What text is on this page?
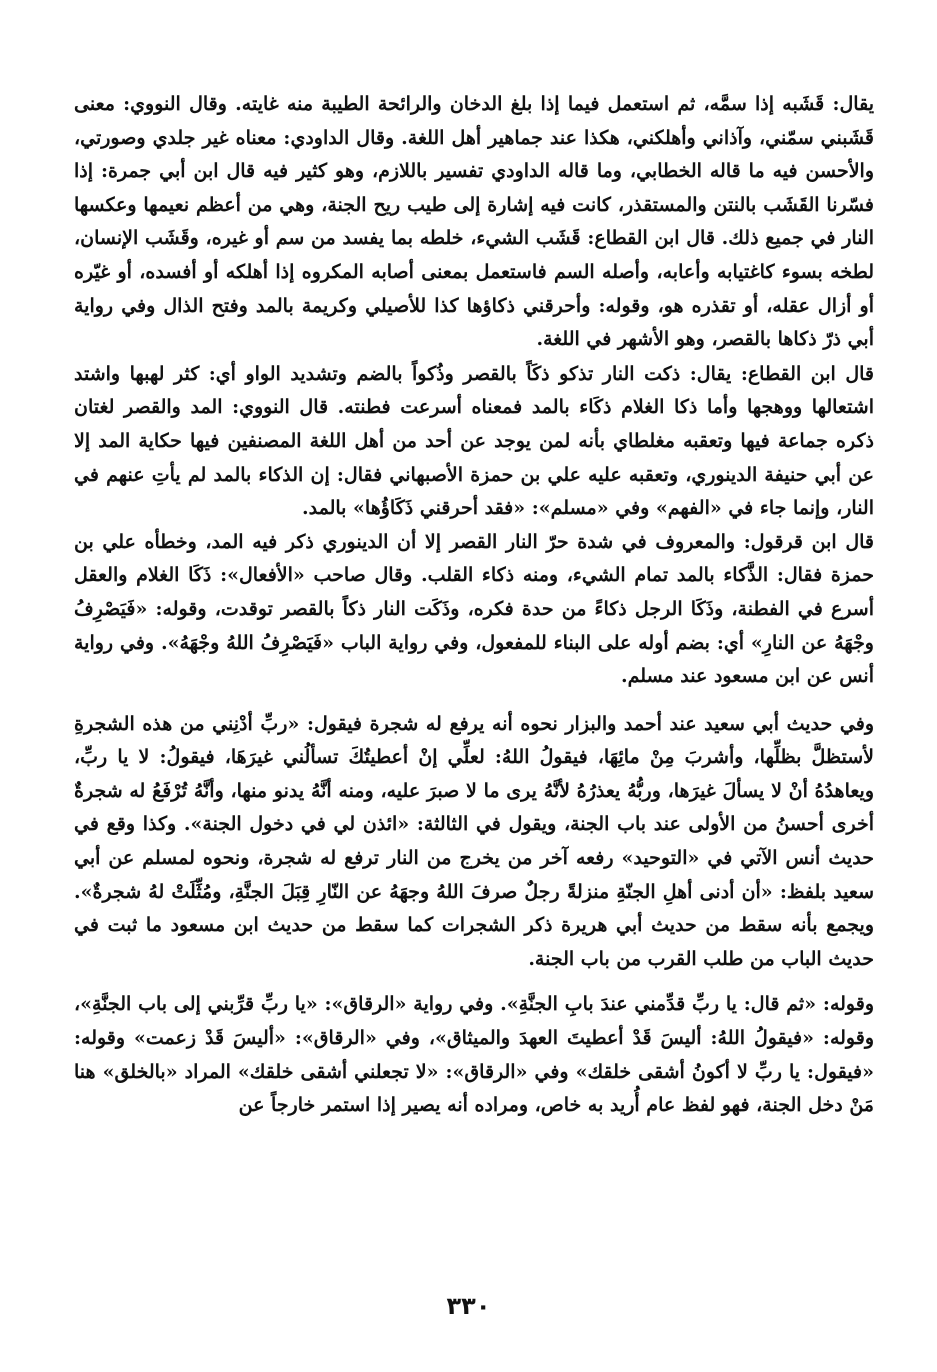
يقال: قَشَبه إذا سمَّه، ثم استعمل فيما إذا بلغ الدخان والرائحة الطيبة منه غايته. وقال النووي: معنى قَشَبني سمّني، وآذاني وأهلكني، هكذا عند جماهير أهل اللغة. وقال الداودي: معناه غير جلدي وصورتي، والأحسن فيه ما قاله الخطابي، وما قاله الداودي تفسير باللازم، وهو كثير فيه قال ابن أبي جمرة: إذا فسّرنا القَشَب بالنتن والمستقذر، كانت فيه إشارة إلى طيب ريح الجنة، وهي من أعظم نعيمها وعكسها النار في جميع ذلك. قال ابن القطاع: قَشَب الشيء، خلطه بما يفسد من سم أو غيره، وقَشَب الإنسان، لطخه بسوء كاغتيابه وأعابه، وأصله السم فاستعمل بمعنى أصابه المكروه إذا أهلكه أو أفسده، أو غيّره أو أزال عقله، أو تقذره هو، وقوله: وأحرقني ذكاؤها كذا للأصيلي وكريمة بالمد وفتح الذال وفي رواية أبي ذرّ ذكاها بالقصر، وهو الأشهر في اللغة.

قال ابن القطاع: يقال: ذكت النار تذكو ذكَاً بالقصر وذُكواً بالضم وتشديد الواو أي: كثر لهبها واشتد اشتعالها ووهجها وأما ذكا الغلام ذكَاء بالمد فمعناه أسرعت فطنته. قال النووي: المد والقصر لغتان ذكره جماعة فيها وتعقبه مغلطاي بأنه لمن يوجد عن أحد من أهل اللغة المصنفين فيها حكاية المد إلا عن أبي حنيفة الدينوري، وتعقبه عليه علي بن حمزة الأصبهاني فقال: إن الذكاء بالمد لم يأتِ عنهم في النار، وإنما جاء في «الفهم» وفي «مسلم»: «فقد أحرقني ذَكَاؤُها» بالمد.

قال ابن قرقول: والمعروف في شدة حرّ النار القصر إلا أن الدينوري ذكر فيه المد، وخطأه علي بن حمزة فقال: الذَّكاء بالمد تمام الشيء، ومنه ذكاء القلب. وقال صاحب «الأفعال»: ذَكَا الغلام والعقل أسرع في الفطنة، وذَكَا الرجل ذكاءً من حدة فكره، وذَكَت النار ذكاً بالقصر توقدت، وقوله: «فَيَصْرِفُ وجْهَهُ عن النارِ» أي: بضم أوله على البناء للمفعول، وفي رواية الباب «فَيَصْرِفُ اللهُ وجْهَهُ». وفي رواية أنس عن ابن مسعود عند مسلم.

وفي حديث أبي سعيد عند أحمد والبزار نحوه أنه يرفع له شجرة فيقول: «ربِّ أدْنِني من هذه الشجرةِ لأستظلَّ بظلِّها، وأشربَ مِنْ مائِهَا، فيقولُ اللهُ: لعلِّي إنْ أعطيتُكَ تسألُني غيرَهَا، فيقولُ: لا يا ربِّ، ويعاهدُهُ أنْ لا يسألَ غيرَها، وربُّهُ يعذرُهُ لأنَّهُ يرى ما لا صبرَ عليه، ومنه أنَّهُ يدنو منها، وأنَّهُ تُرْفَعُ له شجرةٌ أخرى أحسنُ من الأولى عند باب الجنة، ويقول في الثالثة: «ائذن لي في دخول الجنة». وكذا وقع في حديث أنس الآتي في «التوحيد» رفعه آخر من يخرج من النار ترفع له شجرة، ونحوه لمسلم عن أبي سعيد بلفظ: «أن أدنى أهلِ الجنّةِ منزلةً رجلٌ صرفَ اللهُ وجهَهُ عن النّارِ قِبَلَ الجنَّةِ، ومُثِّلَتْ لهُ شجرةٌ». ويجمع بأنه سقط من حديث أبي هريرة ذكر الشجرات كما سقط من حديث ابن مسعود ما ثبت في حديث الباب من طلب القرب من باب الجنة.

وقوله: «ثم قال: يا ربِّ قدِّمني عندَ بابِ الجنَّةِ». وفي رواية «الرقاق»: «يا ربِّ قرِّبني إلى باب الجنَّةِ»، وقوله: «فيقولُ اللهُ: أليسَ قَدْ أعطيتَ العهدَ والميثاق»، وفي «الرقاق»: «أليسَ قَدْ زعمت» وقوله: «فيقول: يا ربِّ لا أكونُ أشقى خلقك» وفي «الرقاق»: «لا تجعلني أشقى خلقك» المراد «بالخلق» هنا مَنْ دخل الجنة، فهو لفظ عام أُريد به خاص، ومراده أنه يصير إذا استمر خارجاً عن

٣٣٠
